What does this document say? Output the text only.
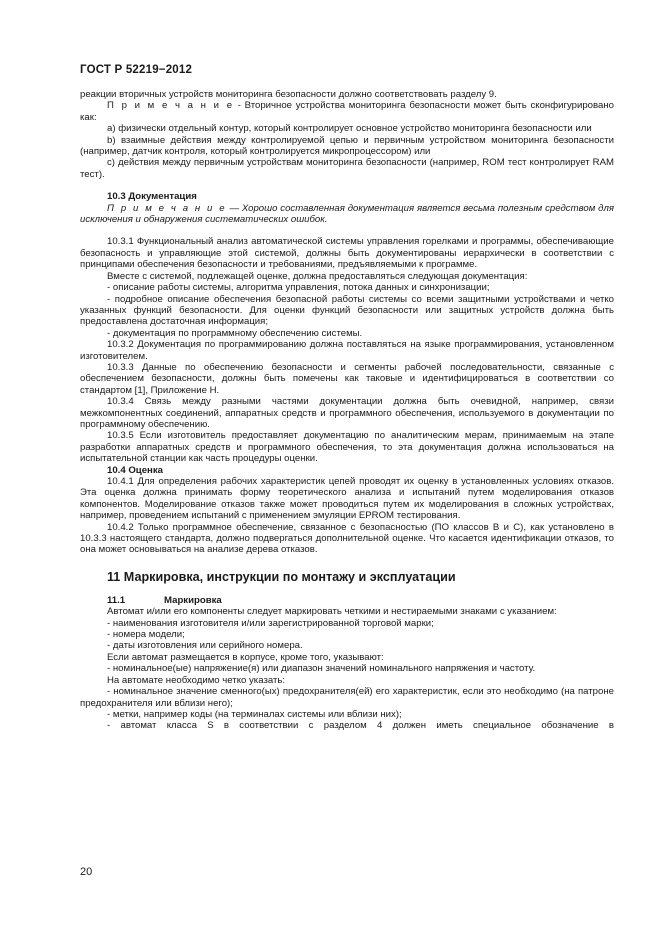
ГОСТ Р 52219−2012

реакции вторичных устройств мониторинга безопасности должно соответствовать разделу 9.

П р и м е ч а н и е - Вторичное устройства мониторинга безопасности может быть сконфигурировано как:

а) физически отдельный контур, который контролирует основное устройство мониторинга безопасности или

b) взаимные действия между контролируемой цепью и первичным устройством мониторинга безопасности (например, датчик контроля, который контролируется микропроцессором) или

с) действия между первичным устройствам мониторинга безопасности (например, ROM тест контролирует RAM тест).

10.3 Документация

П р и м е ч а н и е — Хорошо составленная документация является весьма полезным средством для исключения и обнаружения систематических ошибок.

10.3.1 Функциональный анализ автоматической системы управления горелками и программы, обеспечивающие безопасность и управляющие этой системой, должны быть документированы иерархически в соответствии с принципами обеспечения безопасности и требованиями, предъявляемыми к программе.

Вместе с системой, подлежащей оценке, должна предоставляться следующая документация:

- описание работы системы, алгоритма управления, потока данных и синхронизации;

- подробное описание обеспечения безопасной работы системы со всеми защитными устройствами и четко указанных функций безопасности. Для оценки функций безопасности или защитных устройств должна быть предоставлена достаточная информация;

- документация по программному обеспечению системы.

10.3.2 Документация по программированию должна поставляться на языке программирования, установленном изготовителем.

10.3.3 Данные по обеспечению безопасности и сегменты рабочей последовательности, связанные с обеспечением безопасности, должны быть помечены как таковые и идентифицироваться в соответствии со стандартом [1], Приложение Н.

10.3.4 Связь между разными частями документации должна быть очевидной, например, связи межкомпонентных соединений, аппаратных средств и программного обеспечения, используемого в документации по программному обеспечению.

10.3.5 Если изготовитель предоставляет документацию по аналитическим мерам, принимаемым на этапе разработки аппаратных средств и программного обеспечения, то эта документация должна использоваться на испытательной станции как часть процедуры оценки.

10.4 Оценка

10.4.1 Для определения рабочих характеристик цепей проводят их оценку в установленных условиях отказов. Эта оценка должна принимать форму теоретического анализа и испытаний путем моделирования отказов компонентов. Моделирование отказов также может проводиться путем их моделирования в сложных устройствах, например, проведением испытаний с применением эмуляции EPROM тестирования.

10.4.2 Только программное обеспечение, связанное с безопасностью (ПО классов В и С), как установлено в 10.3.3 настоящего стандарта, должно подвергаться дополнительной оценке. Что касается идентификации отказов, то она может основываться на анализе дерева отказов.

11 Маркировка, инструкции по монтажу и эксплуатации

11.1	Маркировка

Автомат и/или его компоненты следует маркировать четкими и нестираемыми знаками с указанием:

- наименования изготовителя и/или зарегистрированной торговой марки;

- номера модели;

- даты изготовления или серийного номера.

Если автомат размещается в корпусе, кроме того, указывают:

- номинальное(ые) напряжение(я) или диапазон значений номинального напряжения и частоту.

На автомате необходимо четко указать:

- номинальное значение сменного(ых) предохранителя(ей) его характеристик, если это необходимо (на патроне предохранителя или вблизи него);

- метки, например коды (на терминалах системы или вблизи них);

- автомат класса S в соответствии с разделом 4 должен иметь специальное обозначение в

20
